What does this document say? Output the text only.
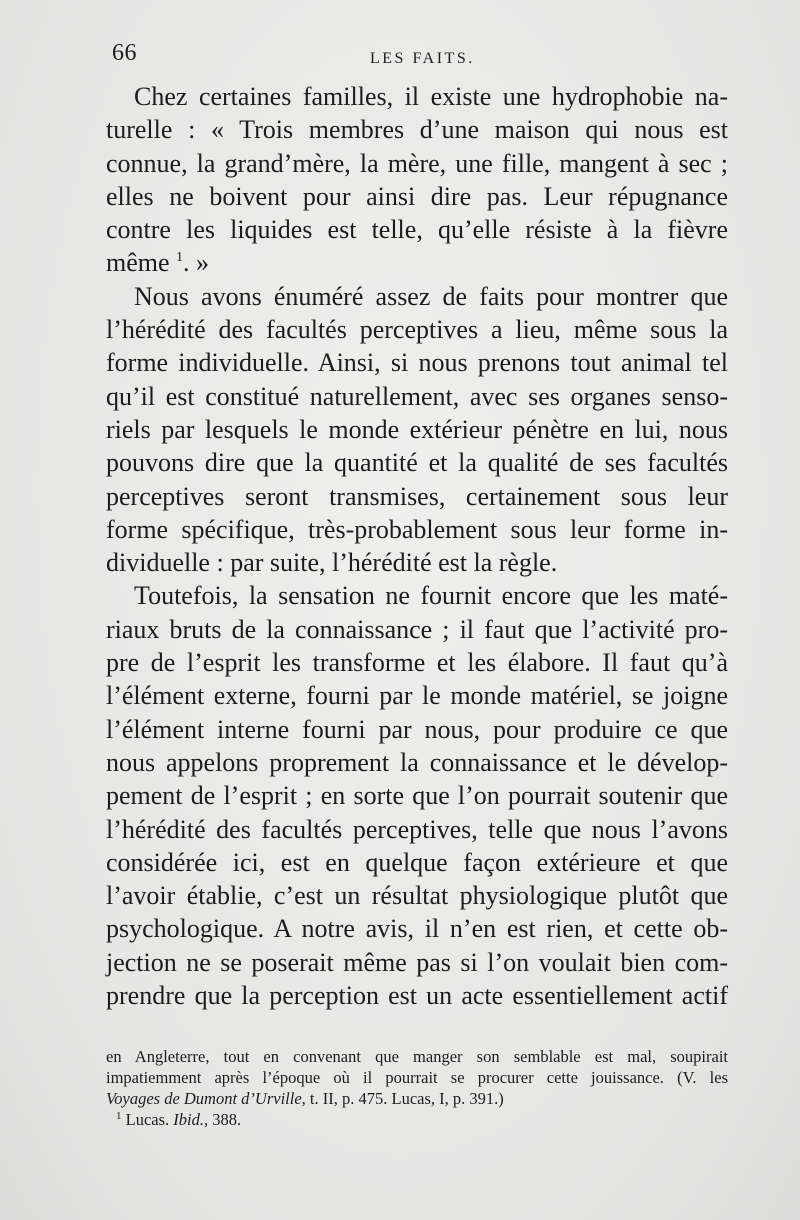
66	LES FAITS.
Chez certaines familles, il existe une hydrophobie na-
turelle : « Trois membres d’une maison qui nous est
connue, la grand’mère, la mère, une fille, mangent à sec ;
elles ne boivent pour ainsi dire pas. Leur répugnance
contre les liquides est telle, qu’elle résiste à la fièvre
même $^1$. »
Nous avons énuméré assez de faits pour montrer que
l’hérédité des facultés perceptives a lieu, même sous la
forme individuelle. Ainsi, si nous prenons tout animal tel
qu’il est constitué naturellement, avec ses organes senso-
riels par lesquels le monde extérieur pénètre en lui, nous
pouvons dire que la quantité et la qualité de ses facultés
perceptives seront transmises, certainement sous leur
forme spécifique, très-probablement sous leur forme in-
dividuelle : par suite, l’hérédité est la règle.
Toutefois, la sensation ne fournit encore que les maté-
riaux bruts de la connaissance ; il faut que l’activité pro-
pre de l’esprit les transforme et les élabore. Il faut qu’à
l’élément externe, fourni par le monde matériel, se joigne
l’élément interne fourni par nous, pour produire ce que
nous appelons proprement la connaissance et le dévelop-
pement de l’esprit ; en sorte que l’on pourrait soutenir que
l’hérédité des facultés perceptives, telle que nous l’avons
considérée ici, est en quelque façon extérieure et que
l’avoir établie, c’est un résultat physiologique plutôt que
psychologique. A notre avis, il n’en est rien, et cette ob-
jection ne se poserait même pas si l’on voulait bien com-
prendre que la perception est un acte essentiellement actif
en Angleterre, tout en convenant que manger son semblable est mal, soupirait
impatiemment après l’époque où il pourrait se procurer cette jouissance. (V. les
Voyages de Dumont d’Urville, t. II, p. 475. Lucas, I, p. 391.)
$^1$ Lucas. Ibid., 388.
